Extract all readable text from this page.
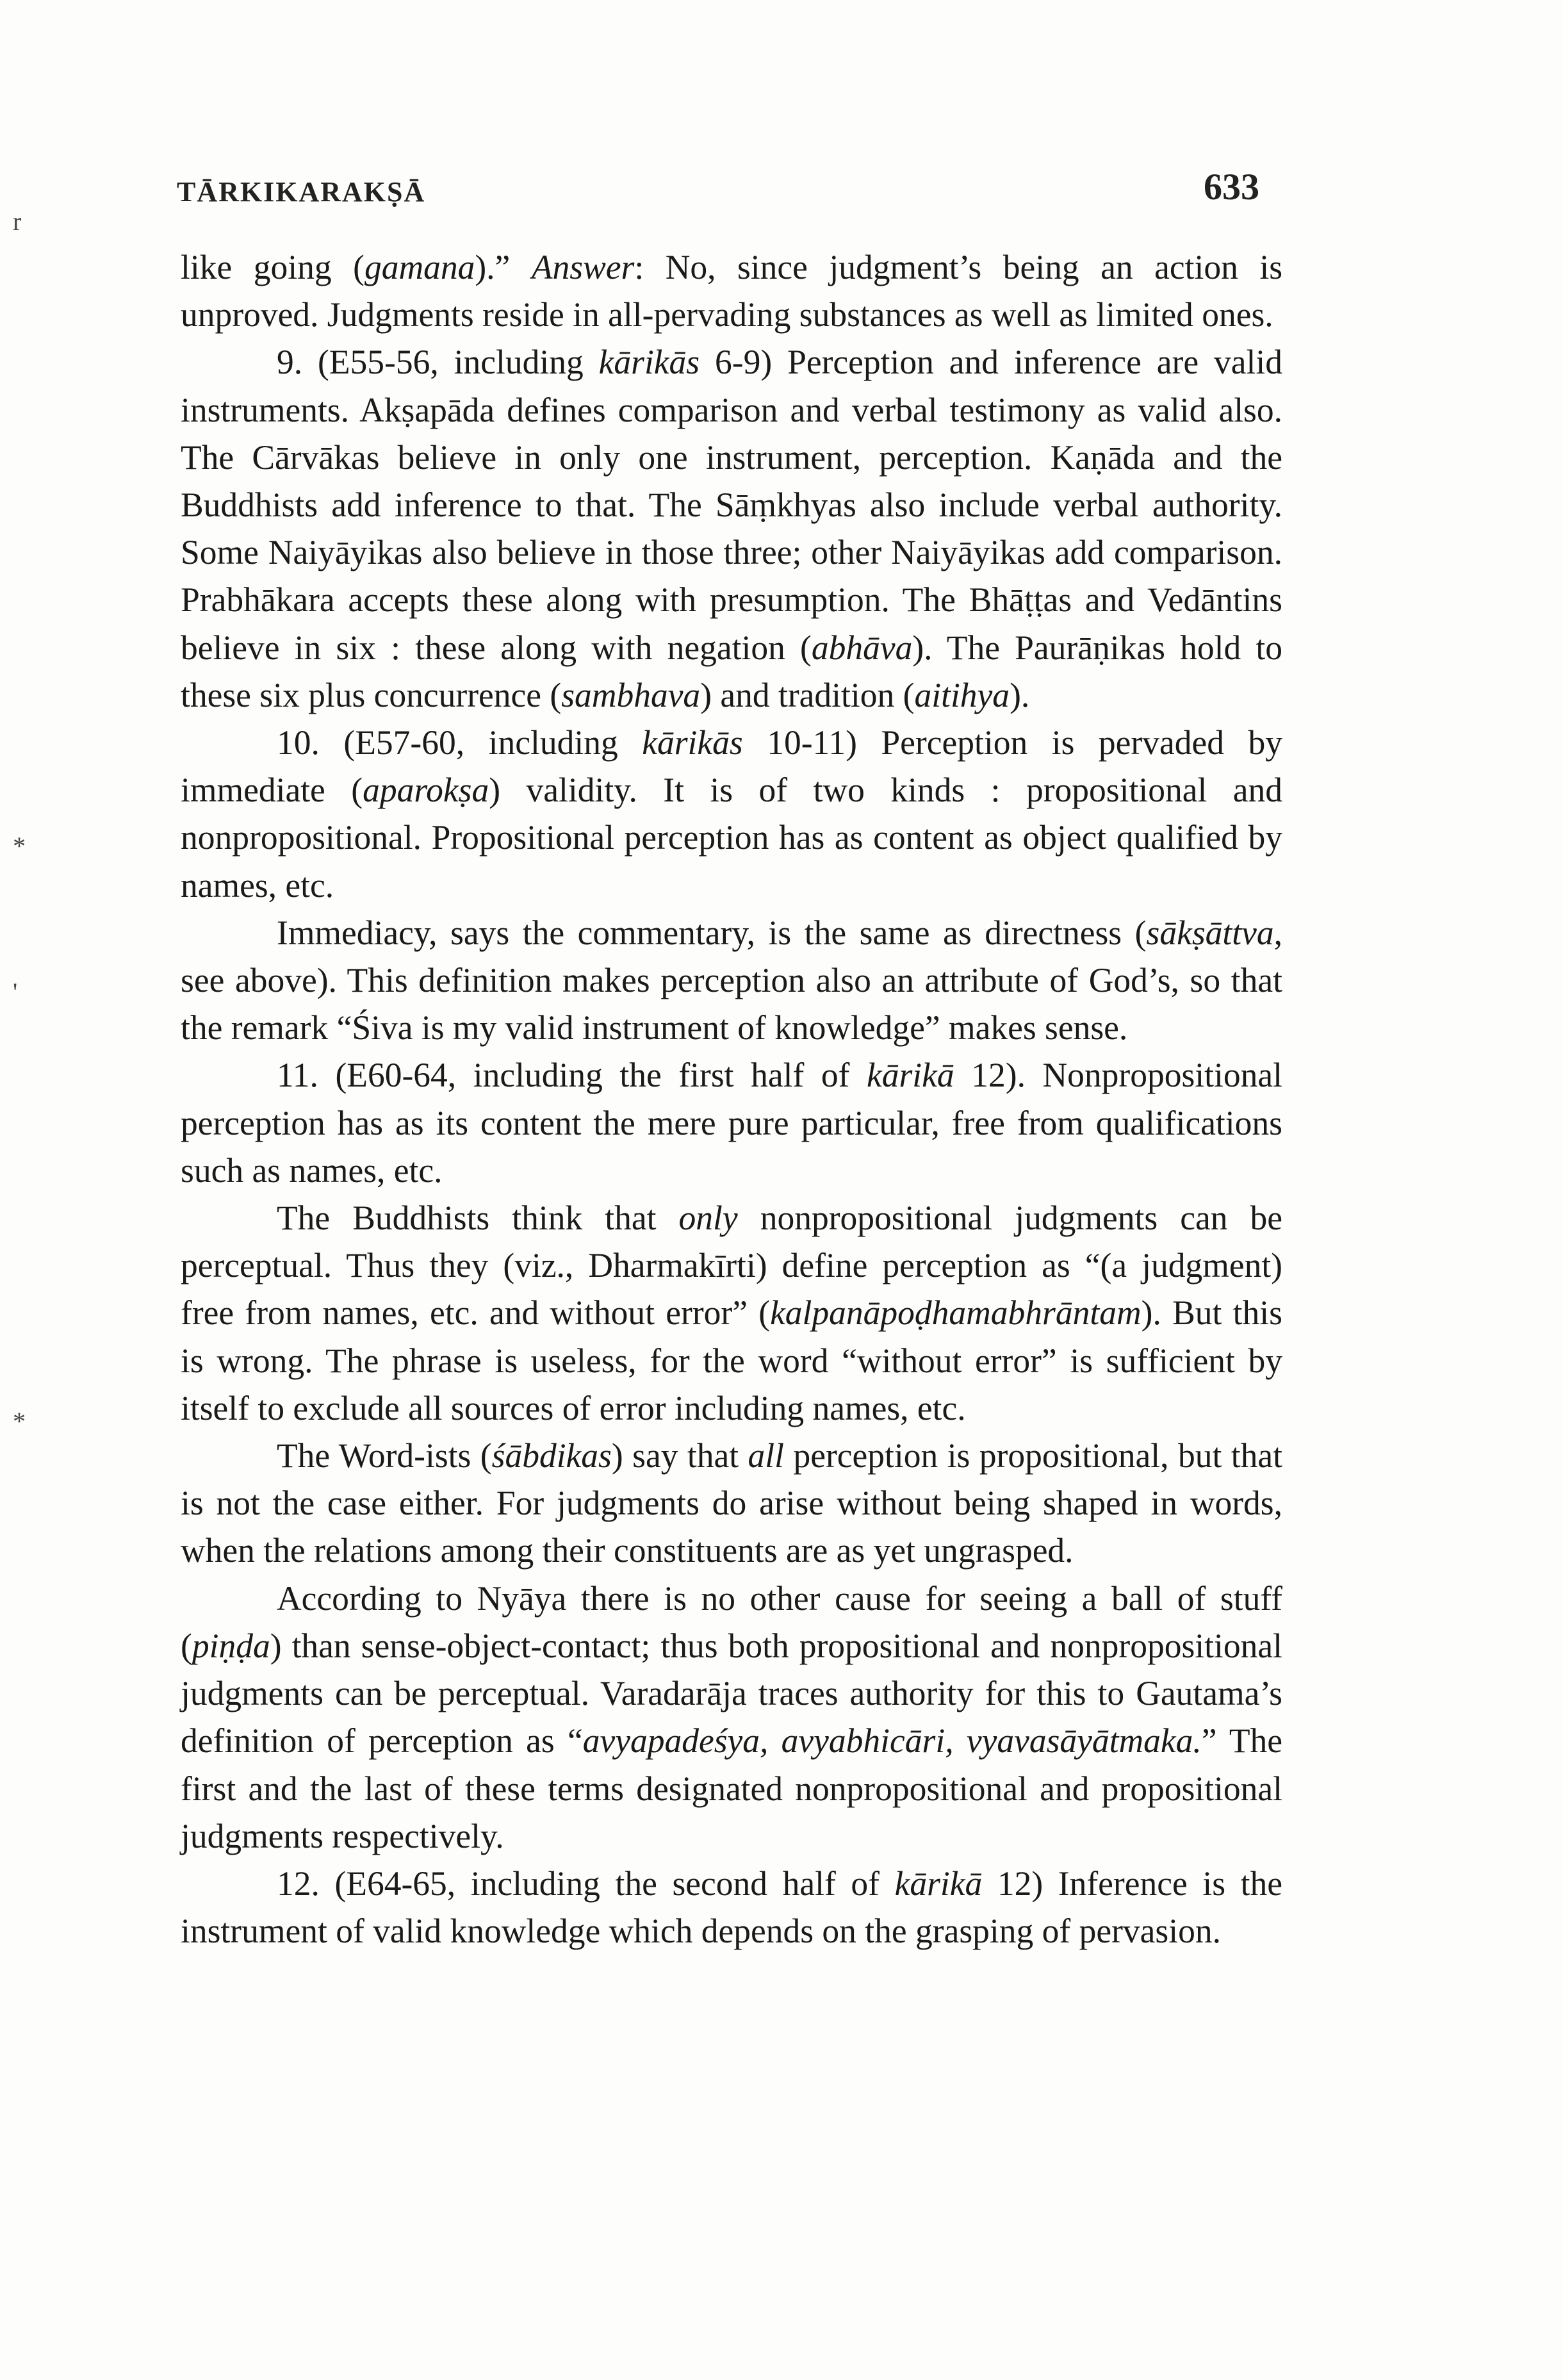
r
'
*
*
TĀRKIKARAKṢĀ	633

like going (gamana).” Answer: No, since judgment’s being an action is unproved. Judgments reside in all-pervading substances as well as limited ones.

9. (E55-56, including kārikās 6-9) Perception and inference are valid instruments. Akṣapāda defines comparison and verbal testimony as valid also. The Cārvākas believe in only one instrument, perception. Kaṇāda and the Buddhists add inference to that. The Sāṃkhyas also include verbal authority. Some Naiyāyikas also believe in those three; other Naiyāyikas add comparison. Prabhākara accepts these along with presumption. The Bhāṭṭas and Vedāntins believe in six : these along with negation (abhāva). The Paurāṇikas hold to these six plus concurrence (sambhava) and tradition (aitihya).

10. (E57-60, including kārikās 10-11) Perception is pervaded by immediate (aparokṣa) validity. It is of two kinds : propositional and nonpropositional. Propositional perception has as content as object qualified by names, etc.

Immediacy, says the commentary, is the same as directness (sākṣāttva, see above). This definition makes perception also an attribute of God’s, so that the remark “Śiva is my valid instrument of knowledge” makes sense.

11. (E60-64, including the first half of kārikā 12). Nonpropositional perception has as its content the mere pure particular, free from qualifications such as names, etc.

The Buddhists think that only nonpropositional judgments can be perceptual. Thus they (viz., Dharmakīrti) define perception as “(a judgment) free from names, etc. and without error” (kalpanāpoḍhamabhrāntam). But this is wrong. The phrase is useless, for the word “without error” is sufficient by itself to exclude all sources of error including names, etc.

The Word-ists (śābdikas) say that all perception is propositional, but that is not the case either. For judgments do arise without being shaped in words, when the relations among their constituents are as yet ungrasped.

According to Nyāya there is no other cause for seeing a ball of stuff (piṇḍa) than sense-object-contact; thus both propositional and nonpropositional judgments can be perceptual. Varadarāja traces authority for this to Gautama’s definition of perception as “avyapadeśya, avyabhicāri, vyavasāyātmaka.” The first and the last of these terms designated nonpropositional and propositional judgments respectively.

12. (E64-65, including the second half of kārikā 12) Inference is the instrument of valid knowledge which depends on the grasping of pervasion.
